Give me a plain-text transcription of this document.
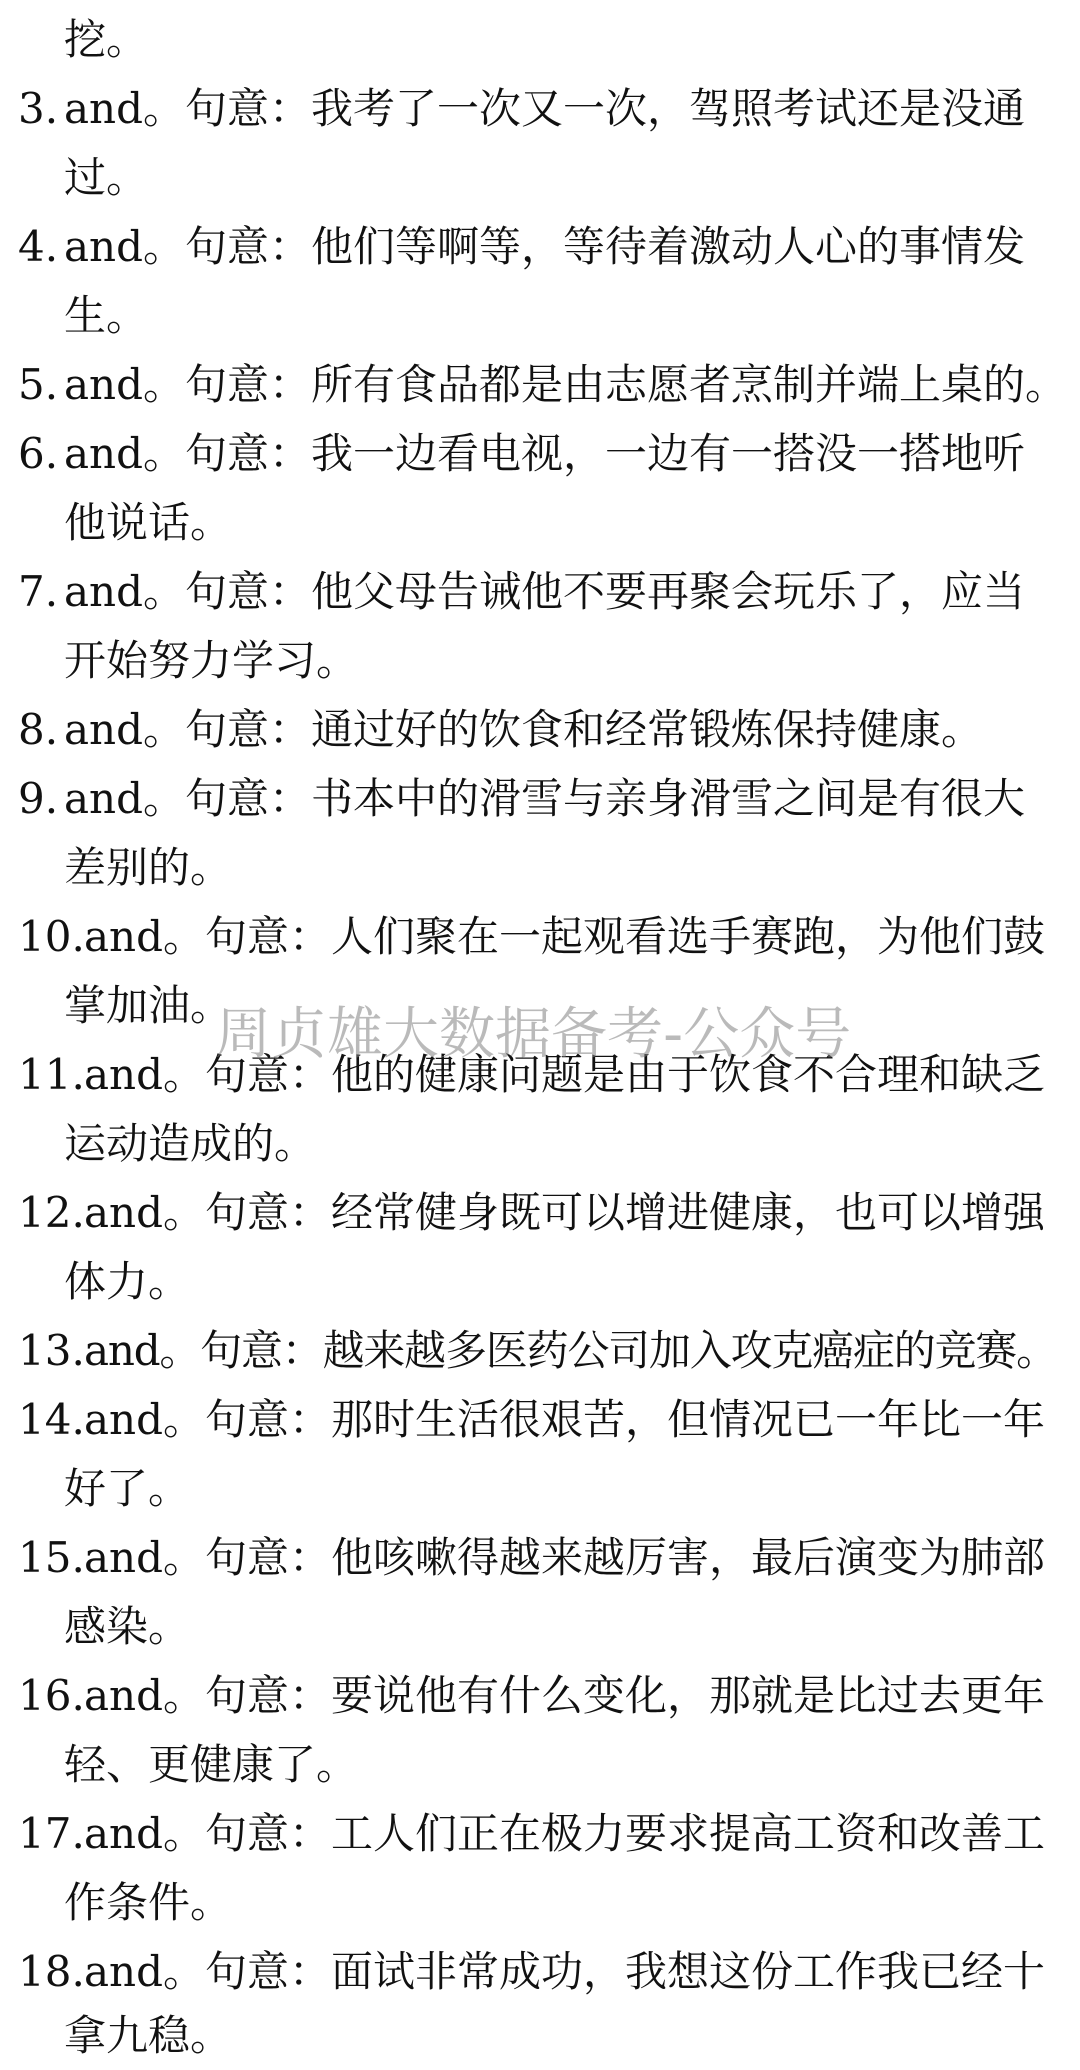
挖。
3. and。句意：我考了一次又一次，驾照考试还是没通
过。
4. and。句意：他们等啊等，等待着激动人心的事情发
生。
5. and。句意：所有食品都是由志愿者烹制并端上桌的。
6. and。句意：我一边看电视，一边有一搭没一搭地听
他说话。
7. and。句意：他父母告诫他不要再聚会玩乐了，应当
开始努力学习。
8. and。句意：通过好的饮食和经常锻炼保持健康。
9. and。句意：书本中的滑雪与亲身滑雪之间是有很大
差别的。
10. and。句意：人们聚在一起观看选手赛跑，为他们鼓
掌加油。
11. and。句意：他的健康问题是由于饮食不合理和缺乏
运动造成的。
12. and。句意：经常健身既可以增进健康，也可以增强
体力。
13. and。句意：越来越多医药公司加入攻克癌症的竞赛。
14. and。句意：那时生活很艰苦，但情况已一年比一年
好了。
15. and。句意：他咳嗽得越来越厉害，最后演变为肺部
感染。
16. and。句意：要说他有什么变化，那就是比过去更年
轻、更健康了。
17. and。句意：工人们正在极力要求提高工资和改善工
作条件。
18. and。句意：面试非常成功，我想这份工作我已经十
拿九稳。
周贞雄大数据备考-公众号
